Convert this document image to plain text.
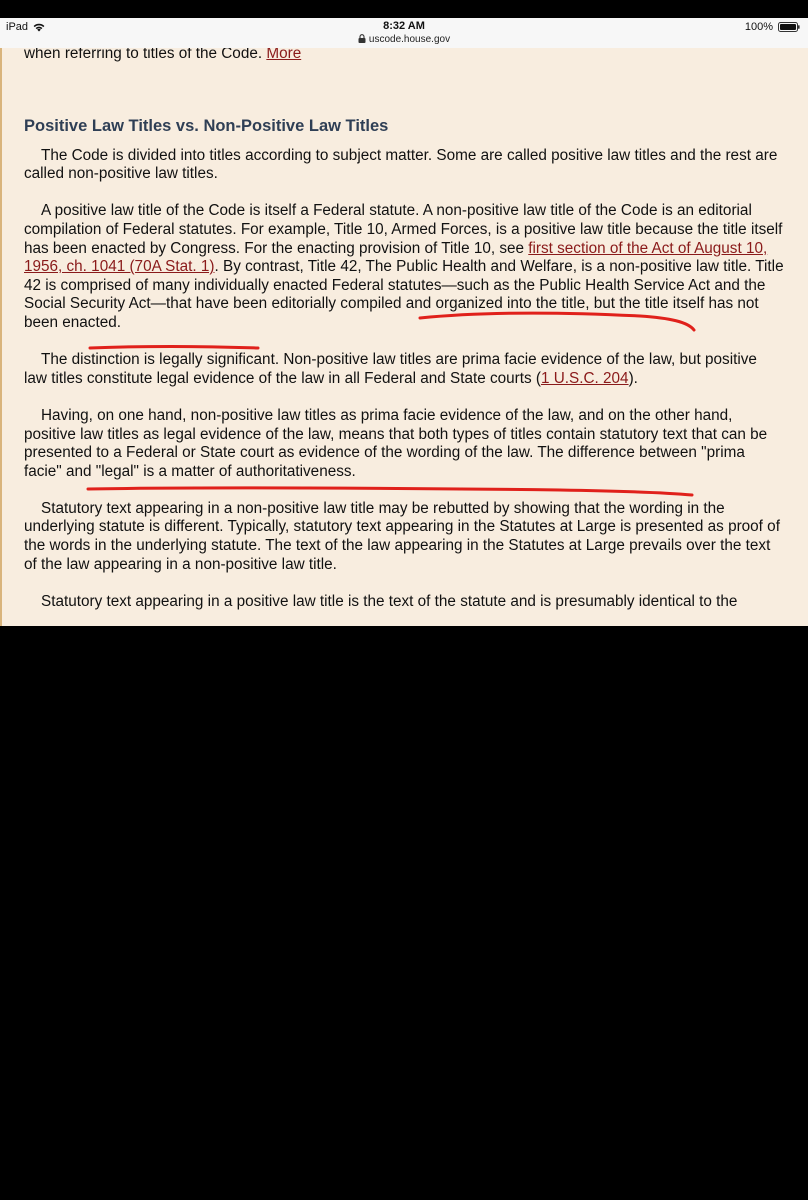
iPad	8:32 AM
uscode.house.gov
100%
when referring to titles of the Code. More
Positive Law Titles vs. Non-Positive Law Titles

The Code is divided into titles according to subject matter. Some are called positive law titles and the rest are called non-positive law titles.

A positive law title of the Code is itself a Federal statute. A non-positive law title of the Code is an editorial compilation of Federal statutes. For example, Title 10, Armed Forces, is a positive law title because the title itself has been enacted by Congress. For the enacting provision of Title 10, see first section of the Act of August 10, 1956, ch. 1041 (70A Stat. 1). By contrast, Title 42, The Public Health and Welfare, is a non-positive law title. Title 42 is comprised of many individually enacted Federal statutes—such as the Public Health Service Act and the Social Security Act—that have been editorially compiled and organized into the title, but the title itself has not been enacted.

The distinction is legally significant. Non-positive law titles are prima facie evidence of the law, but positive law titles constitute legal evidence of the law in all Federal and State courts (1 U.S.C. 204).

Having, on one hand, non-positive law titles as prima facie evidence of the law, and on the other hand, positive law titles as legal evidence of the law, means that both types of titles contain statutory text that can be presented to a Federal or State court as evidence of the wording of the law. The difference between "prima facie" and "legal" is a matter of authoritativeness.

Statutory text appearing in a non-positive law title may be rebutted by showing that the wording in the underlying statute is different. Typically, statutory text appearing in the Statutes at Large is presented as proof of the words in the underlying statute. The text of the law appearing in the Statutes at Large prevails over the text of the law appearing in a non-positive law title.

Statutory text appearing in a positive law title is the text of the statute and is presumably identical to the
